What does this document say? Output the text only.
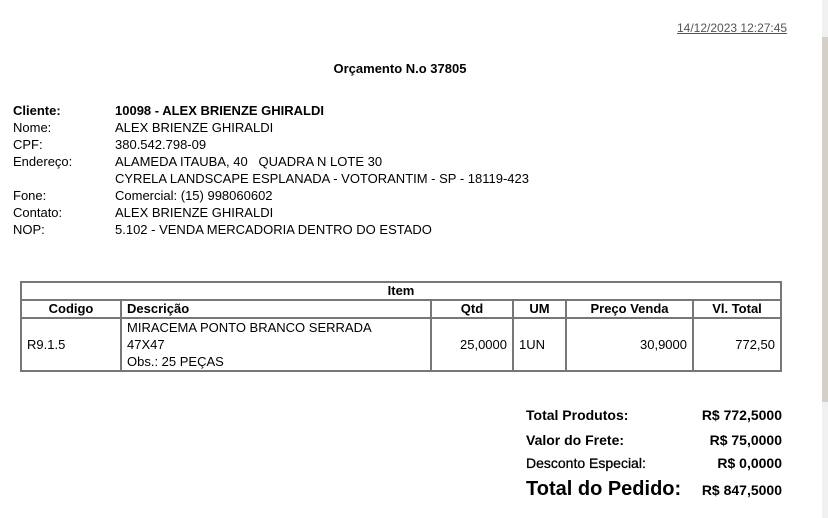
14/12/2023 12:27:45
Orçamento N.o 37805
Cliente:	10098 - ALEX BRIENZE GHIRALDI
Nome:	ALEX BRIENZE GHIRALDI
CPF:	380.542.798-09
Endereço:	ALAMEDA ITAUBA, 40   QUADRA N LOTE 30
CYRELA LANDSCAPE ESPLANADA - VOTORANTIM - SP - 18119-423
Fone:	Comercial: (15) 998060602
Contato:	ALEX BRIENZE GHIRALDI
NOP:	5.102 - VENDA MERCADORIA DENTRO DO ESTADO
Item					
Codigo	Descrição	Qtd	UM	Preço Venda	Vl. Total
R9.1.5	MIRACEMA PONTO BRANCO SERRADA
47X47
Obs.: 25 PEÇAS	25,0000	1UN	30,9000	772,50
Total Produtos:	R$ 772,5000
Valor do Frete:	R$ 75,0000
Desconto Especial:	R$ 0,0000
Total do Pedido: R$ 847,5000
